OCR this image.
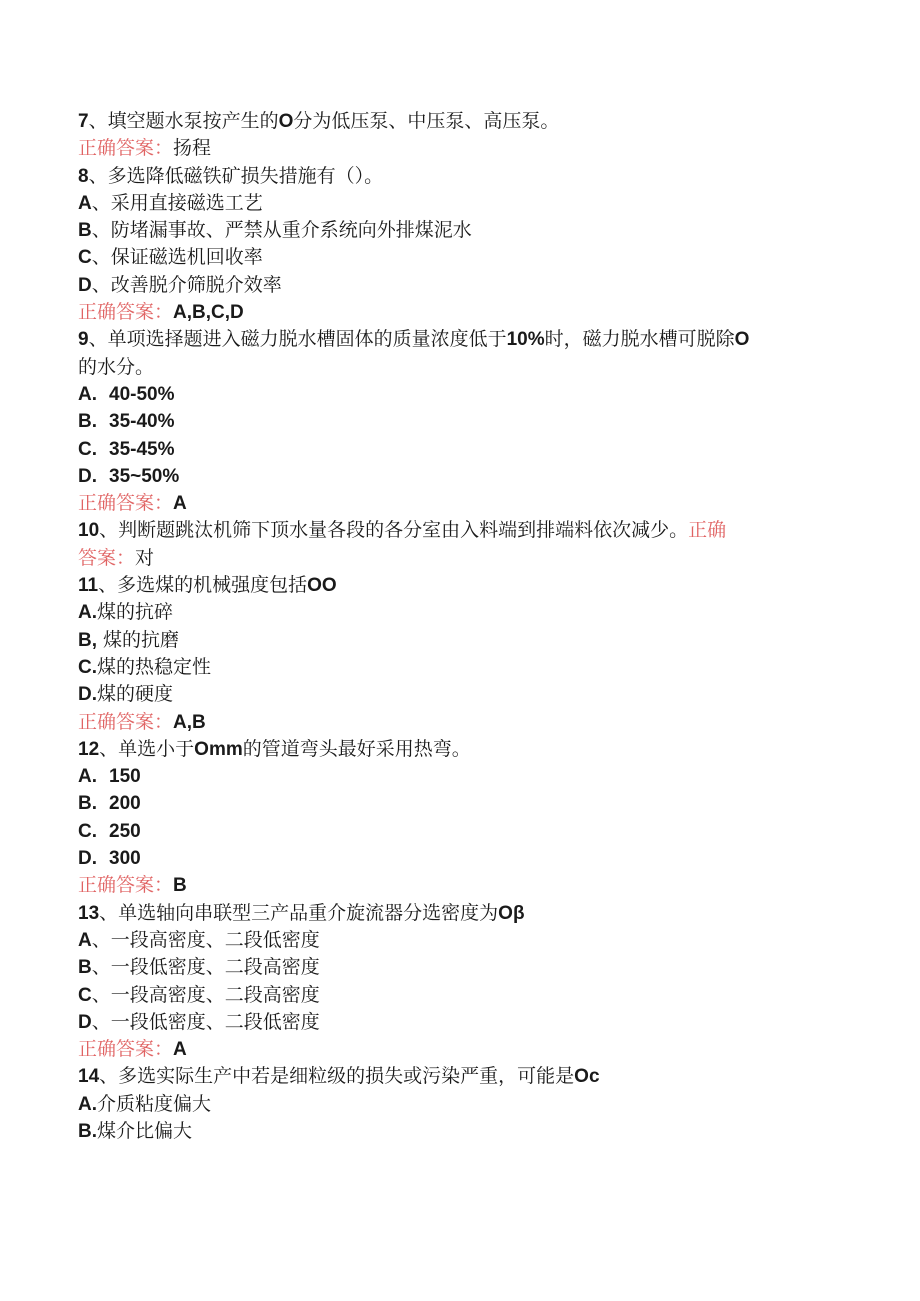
7、填空题水泵按产生的O分为低压泵、中压泵、高压泵。
正确答案：扬程
8、多选降低磁铁矿损失措施有（）。
A、采用直接磁选工艺
B、防堵漏事故、严禁从重介系统向外排煤泥水
C、保证磁选机回收率
D、改善脱介筛脱介效率
正确答案：A,B,C,D
9、单项选择题进入磁力脱水槽固体的质量浓度低于10%时，磁力脱水槽可脱除O
的水分。
A. 40-50%
B. 35-40%
C. 35-45%
D. 35~50%
正确答案：A
10、判断题跳汰机筛下顶水量各段的各分室由入料端到排端料依次减少。正确
答案：对
11、多选煤的机械强度包括OO
A.煤的抗碎
B, 煤的抗磨
C.煤的热稳定性
D.煤的硬度
正确答案：A,B
12、单选小于Omm的管道弯头最好采用热弯。
A. 150
B. 200
C. 250
D. 300
正确答案：B
13、单选轴向串联型三产品重介旋流器分选密度为Oβ
A、一段高密度、二段低密度
B、一段低密度、二段高密度
C、一段高密度、二段高密度
D、一段低密度、二段低密度
正确答案：A
14、多选实际生产中若是细粒级的损失或污染严重，可能是Oc
A.介质粘度偏大
B.煤介比偏大
